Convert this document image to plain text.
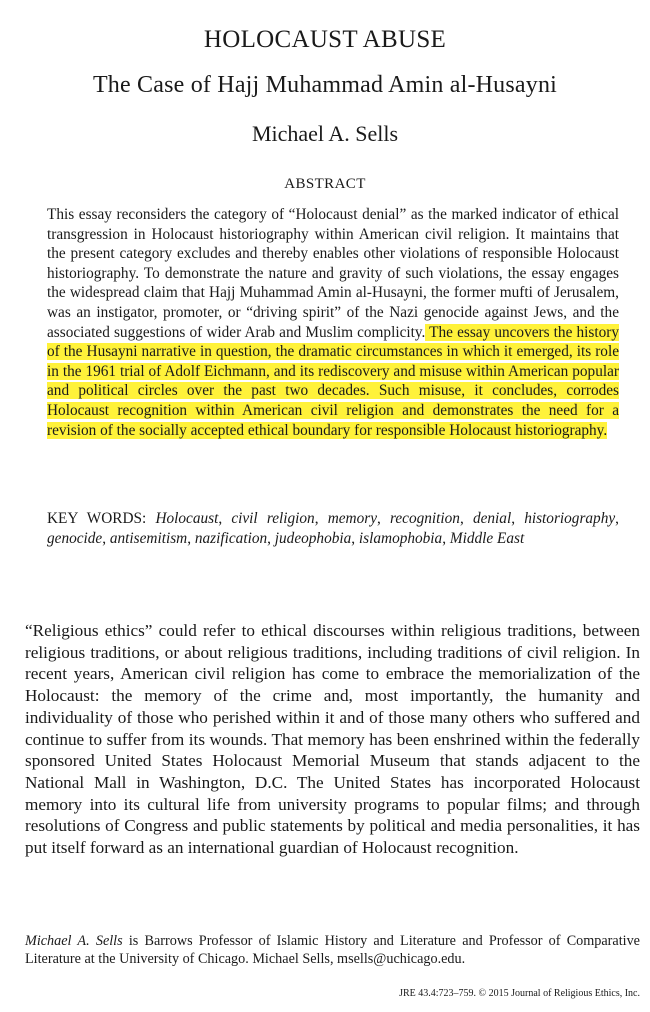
HOLOCAUST ABUSE
The Case of Hajj Muhammad Amin al-Husayni
Michael A. Sells
ABSTRACT
This essay reconsiders the category of “Holocaust denial” as the marked indicator of ethical transgression in Holocaust historiography within American civil religion. It maintains that the present category excludes and thereby enables other violations of responsible Holocaust historiography. To demonstrate the nature and gravity of such violations, the essay engages the widespread claim that Hajj Muhammad Amin al-Husayni, the former mufti of Jerusalem, was an instigator, promoter, or “driving spirit” of the Nazi genocide against Jews, and the associated suggestions of wider Arab and Muslim complicity. The essay uncovers the history of the Husayni narrative in question, the dramatic circumstances in which it emerged, its role in the 1961 trial of Adolf Eichmann, and its rediscovery and misuse within American popular and political circles over the past two decades. Such misuse, it concludes, corrodes Holocaust recognition within American civil religion and demonstrates the need for a revision of the socially accepted ethical boundary for responsible Holocaust historiography.
KEY WORDS: Holocaust, civil religion, memory, recognition, denial, historiography, genocide, antisemitism, nazification, judeophobia, islamophobia, Middle East
“Religious ethics” could refer to ethical discourses within religious traditions, between religious traditions, or about religious traditions, including traditions of civil religion. In recent years, American civil religion has come to embrace the memorialization of the Holocaust: the memory of the crime and, most importantly, the humanity and individuality of those who perished within it and of those many others who suffered and continue to suffer from its wounds. That memory has been enshrined within the federally sponsored United States Holocaust Memorial Museum that stands adjacent to the National Mall in Washington, D.C. The United States has incorporated Holocaust memory into its cultural life from university programs to popular films; and through resolutions of Congress and public statements by political and media personalities, it has put itself forward as an international guardian of Holocaust recognition.
Michael A. Sells is Barrows Professor of Islamic History and Literature and Professor of Comparative Literature at the University of Chicago. Michael Sells, msells@uchicago.edu.
JRE 43.4:723–759. © 2015 Journal of Religious Ethics, Inc.
